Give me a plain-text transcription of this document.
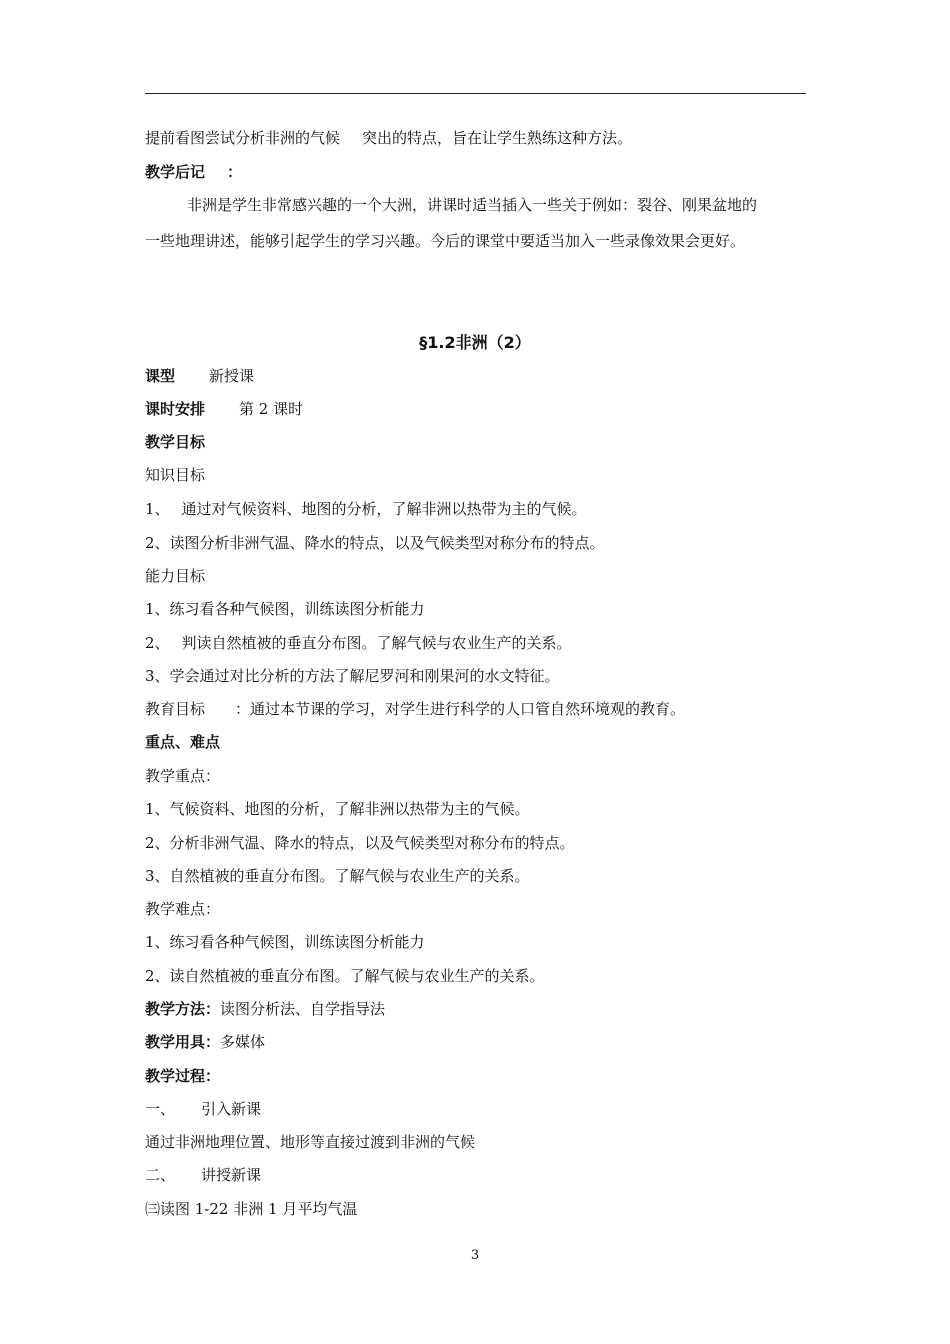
提前看图尝试分析非洲的气候 突出的特点，旨在让学生熟练这种方法。
教学后记 ：
非洲是学生非常感兴趣的一个大洲，讲课时适当插入一些关于例如：裂谷、刚果盆地的
一些地理讲述，能够引起学生的学习兴趣。今后的课堂中要适当加入一些录像效果会更好。
§1.2非洲（2）
课型 新授课
课时安排 第 2 课时
教学目标
知识目标
1、 通过对气候资料、地图的分析，了解非洲以热带为主的气候。
2、读图分析非洲气温、降水的特点，以及气候类型对称分布的特点。
能力目标
1、练习看各种气候图，训练读图分析能力
2、 判读自然植被的垂直分布图。了解气候与农业生产的关系。
3、学会通过对比分析的方法了解尼罗河和刚果河的水文特征。
教育目标 ：通过本节课的学习，对学生进行科学的人口管自然环境观的教育。
重点、难点
教学重点：
1、气候资料、地图的分析，了解非洲以热带为主的气候。
2、分析非洲气温、降水的特点，以及气候类型对称分布的特点。
3、自然植被的垂直分布图。了解气候与农业生产的关系。
教学难点：
1、练习看各种气候图，训练读图分析能力
2、读自然植被的垂直分布图。了解气候与农业生产的关系。
教学方法：读图分析法、自学指导法
教学用具：多媒体
教学过程：
一、 引入新课
通过非洲地理位置、地形等直接过渡到非洲的气候
二、 讲授新课
㈢读图 1-22 非洲 1 月平均气温
3
